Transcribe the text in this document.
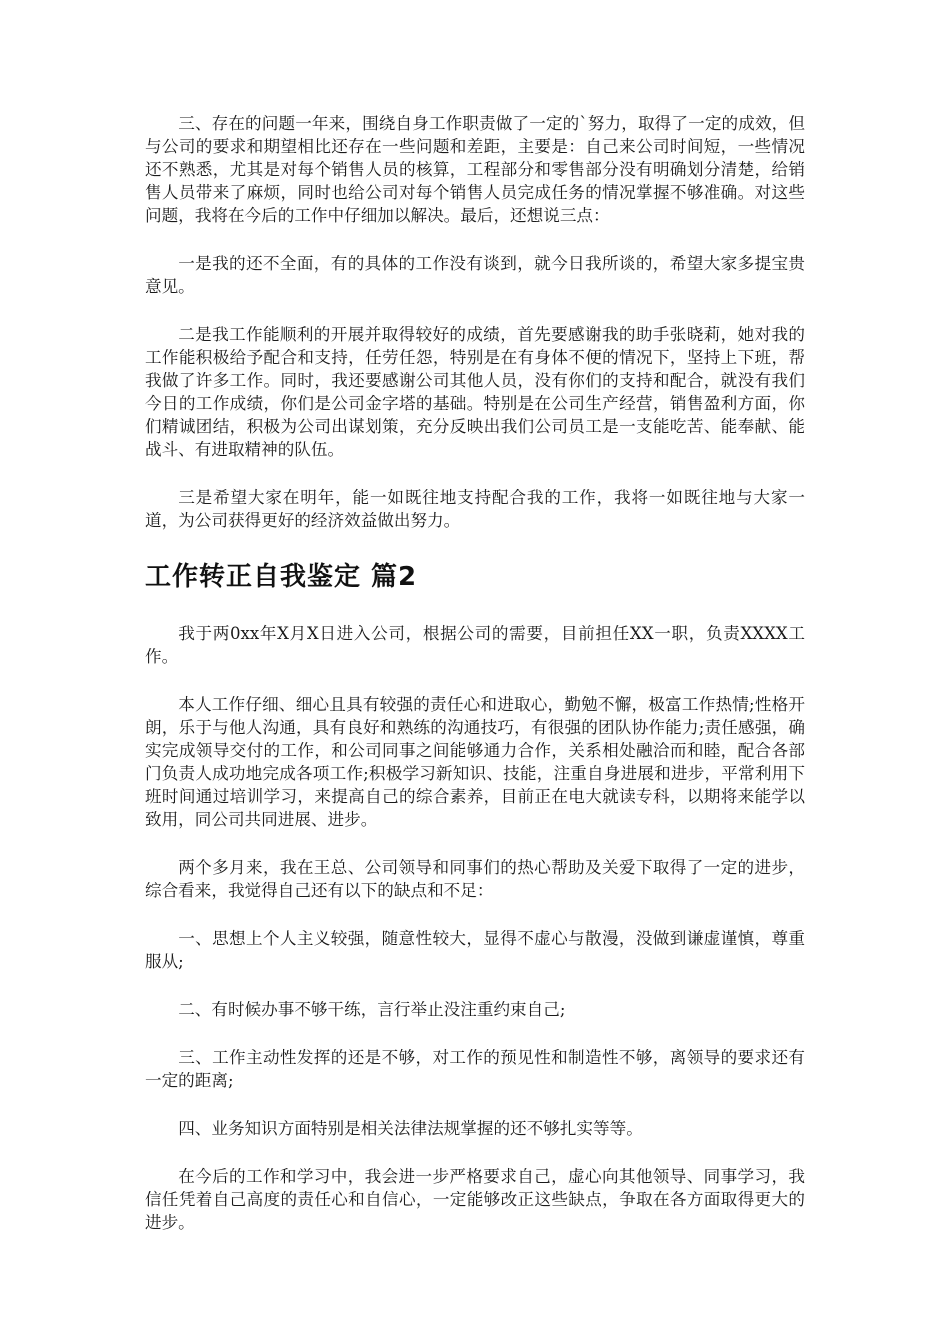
三、存在的问题一年来，围绕自身工作职责做了一定的`努力，取得了一定的成效，但与公司的要求和期望相比还存在一些问题和差距，主要是：自己来公司时间短，一些情况还不熟悉，尤其是对每个销售人员的核算，工程部分和零售部分没有明确划分清楚，给销售人员带来了麻烦，同时也给公司对每个销售人员完成任务的情况掌握不够准确。对这些问题，我将在今后的工作中仔细加以解决。最后，还想说三点：

一是我的还不全面，有的具体的工作没有谈到，就今日我所谈的，希望大家多提宝贵意见。

二是我工作能顺利的开展并取得较好的成绩，首先要感谢我的助手张晓莉，她对我的工作能积极给予配合和支持，任劳任怨，特别是在有身体不便的情况下，坚持上下班，帮我做了许多工作。同时，我还要感谢公司其他人员，没有你们的支持和配合，就没有我们今日的工作成绩，你们是公司金字塔的基础。特别是在公司生产经营，销售盈利方面，你们精诚团结，积极为公司出谋划策，充分反映出我们公司员工是一支能吃苦、能奉献、能战斗、有进取精神的队伍。

三是希望大家在明年，能一如既往地支持配合我的工作，我将一如既往地与大家一道，为公司获得更好的经济效益做出努力。

工作转正自我鉴定 篇2

我于两0xx年X月X日进入公司，根据公司的需要，目前担任XX一职，负责XXXX工作。

本人工作仔细、细心且具有较强的责任心和进取心，勤勉不懈，极富工作热情;性格开朗，乐于与他人沟通，具有良好和熟练的沟通技巧，有很强的团队协作能力;责任感强，确实完成领导交付的工作，和公司同事之间能够通力合作，关系相处融洽而和睦，配合各部门负责人成功地完成各项工作;积极学习新知识、技能，注重自身进展和进步，平常利用下班时间通过培训学习，来提高自己的综合素养，目前正在电大就读专科，以期将来能学以致用，同公司共同进展、进步。

两个多月来，我在王总、公司领导和同事们的热心帮助及关爱下取得了一定的进步，综合看来，我觉得自己还有以下的缺点和不足：

一、思想上个人主义较强，随意性较大，显得不虚心与散漫，没做到谦虚谨慎，尊重服从;

二、有时候办事不够干练，言行举止没注重约束自己;

三、工作主动性发挥的还是不够，对工作的预见性和制造性不够，离领导的要求还有一定的距离;

四、业务知识方面特别是相关法律法规掌握的还不够扎实等等。

在今后的工作和学习中，我会进一步严格要求自己，虚心向其他领导、同事学习，我信任凭着自己高度的责任心和自信心，一定能够改正这些缺点，争取在各方面取得更大的进步。
